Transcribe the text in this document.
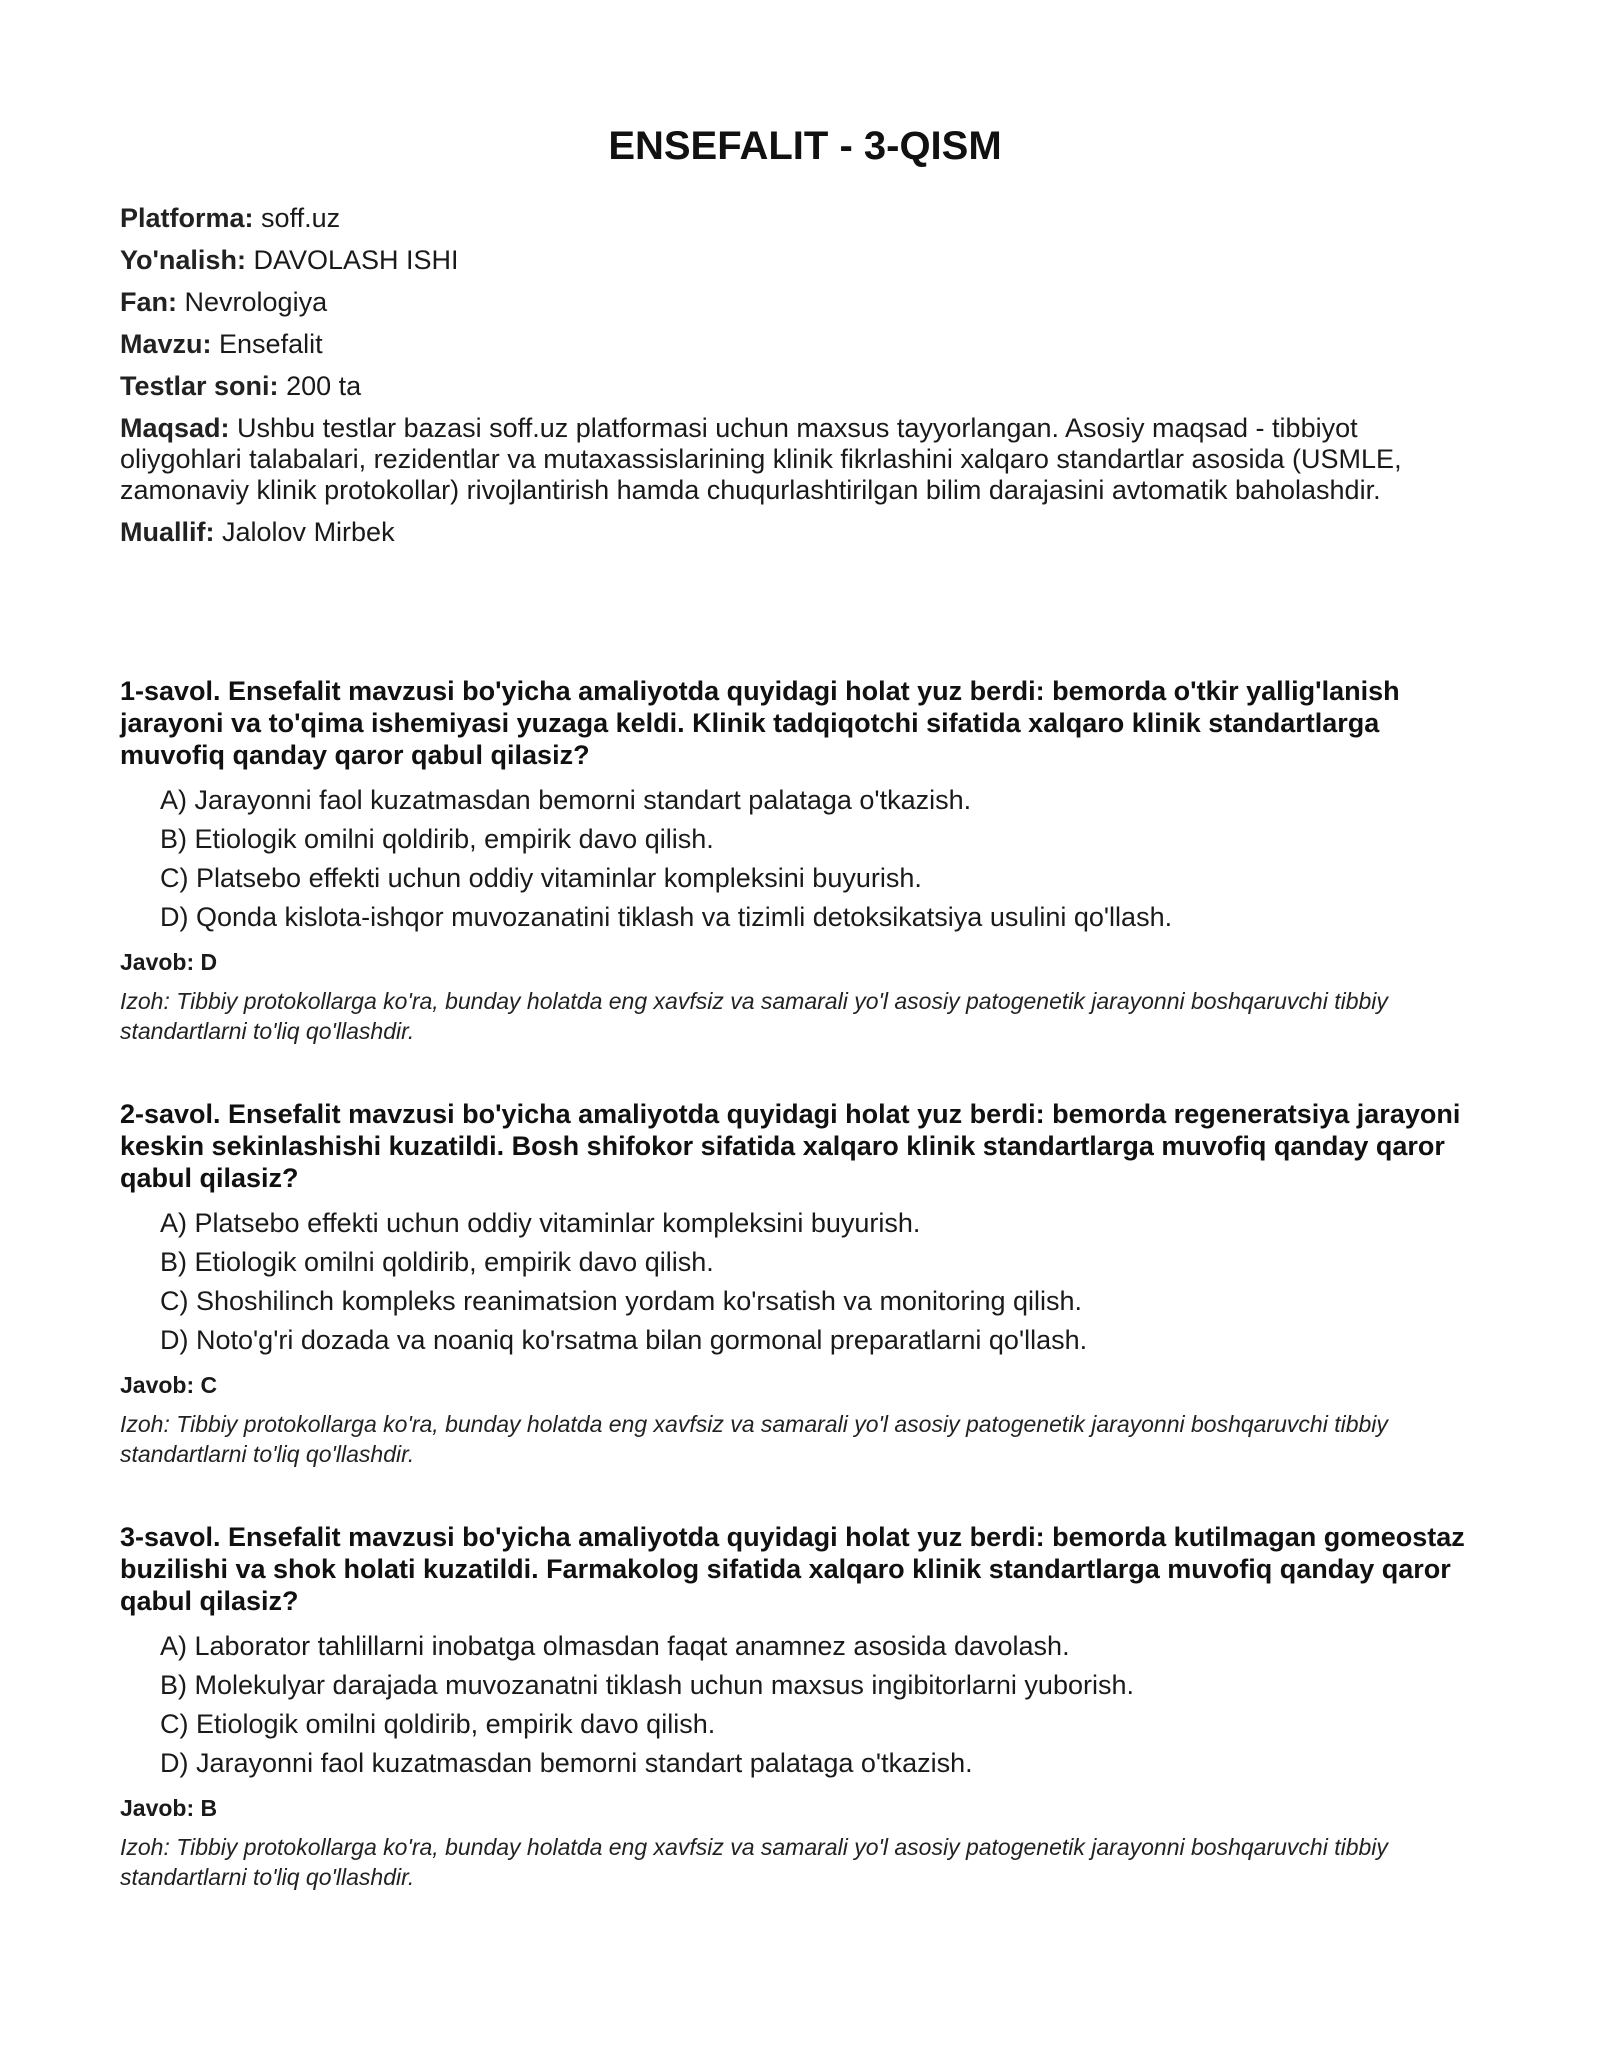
ENSEFALIT - 3-QISM

Platforma: soff.uz

Yo'nalish: DAVOLASH ISHI

Fan: Nevrologiya

Mavzu: Ensefalit

Testlar soni: 200 ta

Maqsad: Ushbu testlar bazasi soff.uz platformasi uchun maxsus tayyorlangan. Asosiy maqsad - tibbiyot oliygohlari talabalari, rezidentlar va mutaxassislarining klinik fikrlashini xalqaro standartlar asosida (USMLE, zamonaviy klinik protokollar) rivojlantirish hamda chuqurlashtirilgan bilim darajasini avtomatik baholashdir.

Muallif: Jalolov Mirbek

1-savol. Ensefalit mavzusi bo'yicha amaliyotda quyidagi holat yuz berdi: bemorda o'tkir yallig'lanish jarayoni va to'qima ishemiyasi yuzaga keldi. Klinik tadqiqotchi sifatida xalqaro klinik standartlarga muvofiq qanday qaror qabul qilasiz?

A) Jarayonni faol kuzatmasdan bemorni standart palataga o'tkazish.
B) Etiologik omilni qoldirib, empirik davo qilish.
C) Platsebo effekti uchun oddiy vitaminlar kompleksini buyurish.
D) Qonda kislota-ishqor muvozanatini tiklash va tizimli detoksikatsiya usulini qo'llash.

Javob: D

Izoh: Tibbiy protokollarga ko'ra, bunday holatda eng xavfsiz va samarali yo'l asosiy patogenetik jarayonni boshqaruvchi tibbiy standartlarni to'liq qo'llashdir.

2-savol. Ensefalit mavzusi bo'yicha amaliyotda quyidagi holat yuz berdi: bemorda regeneratsiya jarayoni keskin sekinlashishi kuzatildi. Bosh shifokor sifatida xalqaro klinik standartlarga muvofiq qanday qaror qabul qilasiz?

A) Platsebo effekti uchun oddiy vitaminlar kompleksini buyurish.
B) Etiologik omilni qoldirib, empirik davo qilish.
C) Shoshilinch kompleks reanimatsion yordam ko'rsatish va monitoring qilish.
D) Noto'g'ri dozada va noaniq ko'rsatma bilan gormonal preparatlarni qo'llash.

Javob: C

Izoh: Tibbiy protokollarga ko'ra, bunday holatda eng xavfsiz va samarali yo'l asosiy patogenetik jarayonni boshqaruvchi tibbiy standartlarni to'liq qo'llashdir.

3-savol. Ensefalit mavzusi bo'yicha amaliyotda quyidagi holat yuz berdi: bemorda kutilmagan gomeostaz buzilishi va shok holati kuzatildi. Farmakolog sifatida xalqaro klinik standartlarga muvofiq qanday qaror qabul qilasiz?

A) Laborator tahlillarni inobatga olmasdan faqat anamnez asosida davolash.
B) Molekulyar darajada muvozanatni tiklash uchun maxsus ingibitorlarni yuborish.
C) Etiologik omilni qoldirib, empirik davo qilish.
D) Jarayonni faol kuzatmasdan bemorni standart palataga o'tkazish.

Javob: B

Izoh: Tibbiy protokollarga ko'ra, bunday holatda eng xavfsiz va samarali yo'l asosiy patogenetik jarayonni boshqaruvchi tibbiy standartlarni to'liq qo'llashdir.
